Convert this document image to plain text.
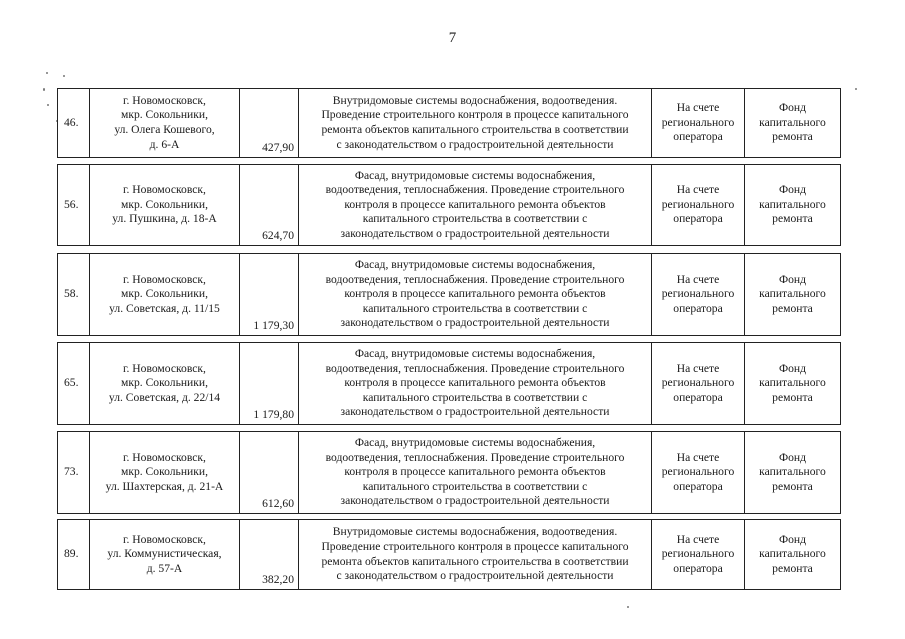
7
46.
г. Новомосковск,
мкр. Сокольники,
ул. Олега Кошевого,
д. 6-А	427,90
Внутридомовые системы водоснабжения, водоотведения.
Проведение строительного контроля в процессе капитального
ремонта объектов капитального строительства в соответствии
с законодательством о градостроительной деятельности
На счете
регионального
оператора
Фонд
капитального
ремонта
56.
г. Новомосковск,
мкр. Сокольники,
ул. Пушкина, д. 18-А
624,70
Фасад, внутридомовые системы водоснабжения,
водоотведения, теплоснабжения. Проведение строительного
контроля в процессе капитального ремонта объектов
капитального строительства в соответствии с
законодательством о градостроительной деятельности
На счете
регионального
оператора
Фонд
капитального
ремонта
58.
г. Новомосковск,
мкр. Сокольники,
ул. Советская, д. 11/15
1 179,30
Фасад, внутридомовые системы водоснабжения,
водоотведения, теплоснабжения. Проведение строительного
контроля в процессе капитального ремонта объектов
капитального строительства в соответствии с
законодательством о градостроительной деятельности
На счете
регионального
оператора
Фонд
капитального
ремонта
65.
г. Новомосковск,
мкр. Сокольники,
ул. Советская, д. 22/14
1 179,80
Фасад, внутридомовые системы водоснабжения,
водоотведения, теплоснабжения. Проведение строительного
контроля в процессе капитального ремонта объектов
капитального строительства в соответствии с
законодательством о градостроительной деятельности
На счете
регионального
оператора
Фонд
капитального
ремонта
73.
г. Новомосковск,
мкр. Сокольники,
ул. Шахтерская, д. 21-А
612,60
Фасад, внутридомовые системы водоснабжения,
водоотведения, теплоснабжения. Проведение строительного
контроля в процессе капитального ремонта объектов
капитального строительства в соответствии с
законодательством о градостроительной деятельности
На счете
регионального
оператора
Фонд
капитального
ремонта
89.
г. Новомосковск,
ул. Коммунистическая,
д. 57-А
382,20
Внутридомовые системы водоснабжения, водоотведения.
Проведение строительного контроля в процессе капитального
ремонта объектов капитального строительства в соответствии
с законодательством о градостроительной деятельности
На счете
регионального
оператора
Фонд
капитального
ремонта
